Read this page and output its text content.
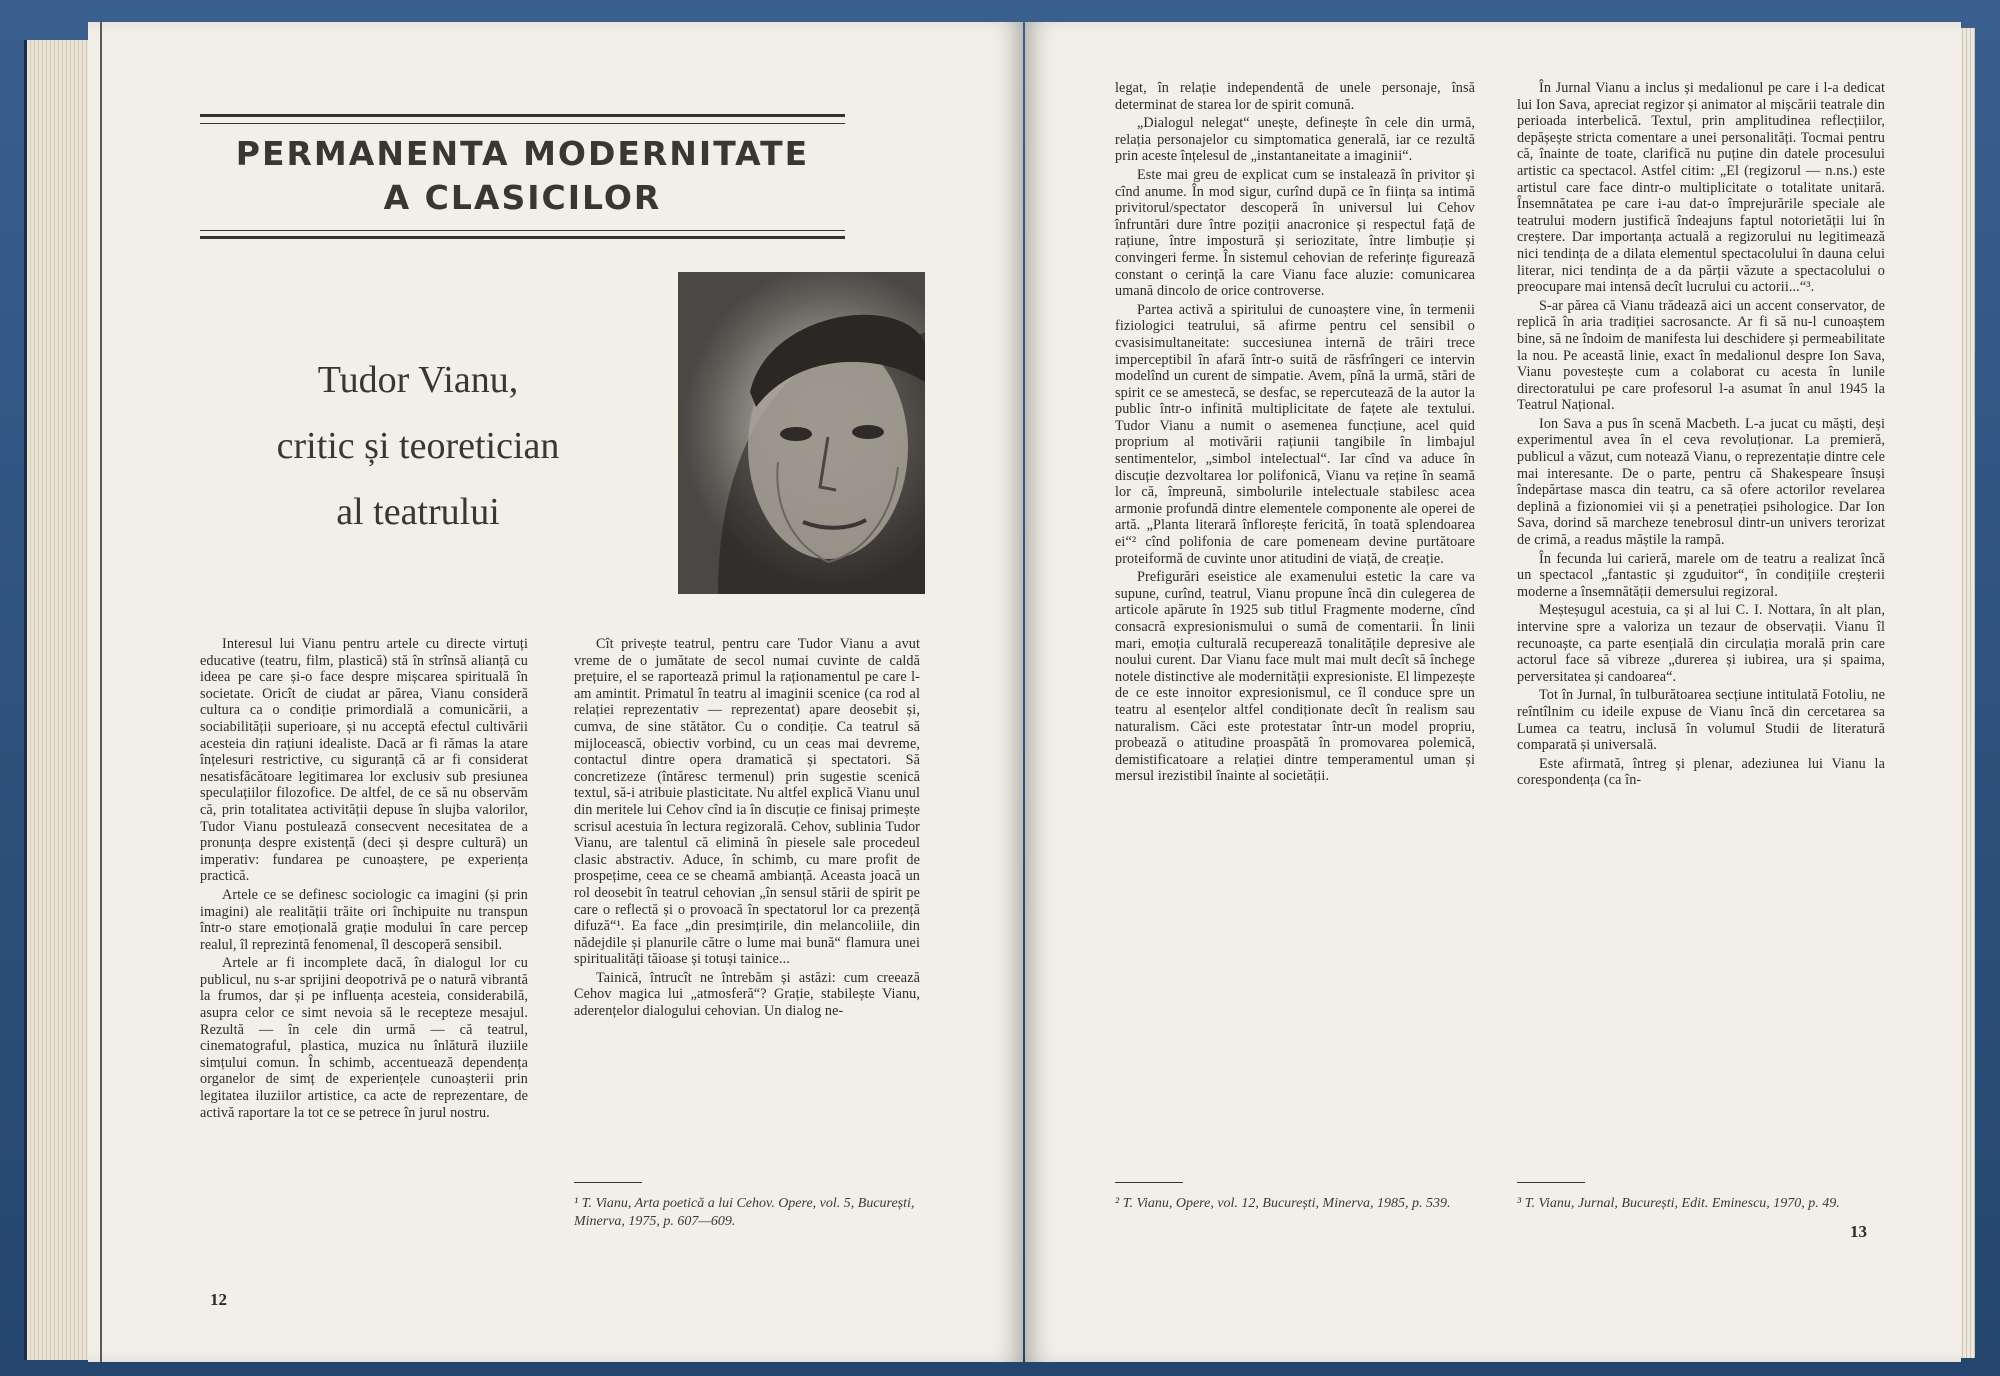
PERMANENTA MODERNITATE
A CLASICILOR
Tudor Vianu,
critic și teoretician
al teatrului

Interesul lui Vianu pentru artele cu directe virtuți educative (teatru, film, plastică) stă în strînsă alianță cu ideea pe care și-o face despre mișcarea spirituală în societate. Oricît de ciudat ar părea, Vianu consideră cultura ca o condiție primordială a comunicării, a sociabilității superioare, și nu acceptă efectul cultivării acesteia din rațiuni idealiste. Dacă ar fi rămas la atare înțelesuri restrictive, cu siguranță că ar fi considerat nesatisfăcătoare legitimarea lor exclusiv sub presiunea speculațiilor filozofice. De altfel, de ce să nu observăm că, prin totalitatea activității depuse în slujba valorilor, Tudor Vianu postulează consecvent necesitatea de a pronunța despre existență (deci și despre cultură) un imperativ: fundarea pe cunoaștere, pe experiența practică.

Artele ce se definesc sociologic ca imagini (și prin imagini) ale realității trăite ori închipuite nu transpun într-o stare emoțională grație modului în care percep realul, îl reprezintă fenomenal, îl descoperă sensibil.

Artele ar fi incomplete dacă, în dialogul lor cu publicul, nu s-ar sprijini deopotrivă pe o natură vibrantă la frumos, dar și pe influența acesteia, considerabilă, asupra celor ce simt nevoia să le recepteze mesajul. Rezultă — în cele din urmă — că teatrul, cinematograful, plastica, muzica nu înlătură iluziile simțului comun. În schimb, accentuează dependența organelor de simț de experiențele cunoașterii prin legitatea iluziilor artistice, ca acte de reprezentare, de activă raportare la tot ce se petrece în jurul nostru.

Cît privește teatrul, pentru care Tudor Vianu a avut vreme de o jumătate de secol numai cuvinte de caldă prețuire, el se raportează primul la raționamentul pe care l-am amintit. Primatul în teatru al imaginii scenice (ca rod al relației reprezentativ — reprezentat) apare deosebit și, cumva, de sine stătător. Cu o condiție. Ca teatrul să mijlocească, obiectiv vorbind, cu un ceas mai devreme, contactul dintre opera dramatică și spectatori. Să concretizeze (întăresc termenul) prin sugestie scenică textul, să-i atribuie plasticitate. Nu altfel explică Vianu unul din meritele lui Cehov cînd ia în discuție ce finisaj primește scrisul acestuia în lectura regizorală. Cehov, sublinia Tudor Vianu, are talentul că elimină în piesele sale procedeul clasic abstractiv. Aduce, în schimb, cu mare profit de prospețime, ceea ce se cheamă ambianță. Aceasta joacă un rol deosebit în teatrul cehovian „în sensul stării de spirit pe care o reflectă și o provoacă în spectatorul lor ca prezență difuză“¹. Ea face „din presimțirile, din melancoliile, din nădejdile și planurile către o lume mai bună“ flamura unei spiritualități tăioase și totuși tainice...

Tainică, întrucît ne întrebăm și astăzi: cum creează Cehov magica lui „atmosferă“? Grație, stabilește Vianu, aderențelor dialogului cehovian. Un dialog ne-

¹ T. Vianu, Arta poetică a lui Cehov. Opere, vol. 5, București, Minerva, 1975, p. 607—609.
12

legat, în relație independentă de unele personaje, însă determinat de starea lor de spirit comună.

„Dialogul nelegat“ unește, definește în cele din urmă, relația personajelor cu simptomatica generală, iar ce rezultă prin aceste înțelesul de „instantaneitate a imaginii“.

Este mai greu de explicat cum se instalează în privitor și cînd anume. În mod sigur, curînd după ce în ființa sa intimă privitorul/spectator descoperă în universul lui Cehov înfruntări dure între poziții anacronice și respectul față de rațiune, între impostură și seriozitate, între limbuție și convingeri ferme. În sistemul cehovian de referințe figurează constant o cerință la care Vianu face aluzie: comunicarea umană dincolo de orice controverse.

Partea activă a spiritului de cunoaștere vine, în termenii fiziologici teatrului, să afirme pentru cel sensibil o cvasisimultaneitate: succesiunea internă de trăiri trece imperceptibil în afară într-o suită de răsfrîngeri ce intervin modelînd un curent de simpatie. Avem, pînă la urmă, stări de spirit ce se amestecă, se desfac, se repercutează de la autor la public într-o infinită multiplicitate de fațete ale textului. Tudor Vianu a numit o asemenea funcțiune, acel quid proprium al motivării rațiunii tangibile în limbajul sentimentelor, „simbol intelectual“. Iar cînd va aduce în discuție dezvoltarea lor polifonică, Vianu va reține în seamă lor că, împreună, simbolurile intelectuale stabilesc acea armonie profundă dintre elementele componente ale operei de artă. „Planta literară înflorește fericită, în toată splendoarea ei“² cînd polifonia de care pomeneam devine purtătoare proteiformă de cuvinte unor atitudini de viață, de creație.

Prefigurări eseistice ale examenului estetic la care va supune, curînd, teatrul, Vianu propune încă din culegerea de articole apărute în 1925 sub titlul Fragmente moderne, cînd consacră expresionismului o sumă de comentarii. În linii mari, emoția culturală recuperează tonalitățile depresive ale noului curent. Dar Vianu face mult mai mult decît să închege notele distinctive ale modernității expresioniste. El limpezește de ce este innoitor expresionismul, ce îl conduce spre un teatru al esențelor altfel condiționate decît în realism sau naturalism. Căci este protestatar într-un model propriu, probează o atitudine proaspătă în promovarea polemică, demistificatoare a relației dintre temperamentul uman și mersul irezistibil înainte al societății.

² T. Vianu, Opere, vol. 12, București, Minerva, 1985, p. 539.

În Jurnal Vianu a inclus și medalionul pe care i l-a dedicat lui Ion Sava, apreciat regizor și animator al mișcării teatrale din perioada interbelică. Textul, prin amplitudinea reflecțiilor, depășește stricta comentare a unei personalități. Tocmai pentru că, înainte de toate, clarifică nu puține din datele procesului artistic ca spectacol. Astfel citim: „El (regizorul — n.ns.) este artistul care face dintr-o multiplicitate o totalitate unitară. Însemnătatea pe care i-au dat-o împrejurările speciale ale teatrului modern justifică îndeajuns faptul notorietății lui în creștere. Dar importanța actuală a regizorului nu legitimează nici tendința de a dilata elementul spectacolului în dauna celui literar, nici tendința de a da părții văzute a spectacolului o preocupare mai intensă decît lucrului cu actorii...“³.

S-ar părea că Vianu trădează aici un accent conservator, de replică în aria tradiției sacrosancte. Ar fi să nu-l cunoaștem bine, să ne îndoim de manifesta lui deschidere și permeabilitate la nou. Pe această linie, exact în medalionul despre Ion Sava, Vianu povestește cum a colaborat cu acesta în lunile directoratului pe care profesorul l-a asumat în anul 1945 la Teatrul Național.

Ion Sava a pus în scenă Macbeth. L-a jucat cu măști, deși experimentul avea în el ceva revoluționar. La premieră, publicul a văzut, cum notează Vianu, o reprezentație dintre cele mai interesante. De o parte, pentru că Shakespeare însuși îndepărtase masca din teatru, ca să ofere actorilor revelarea deplină a fizionomiei vii și a penetrației psihologice. Dar Ion Sava, dorind să marcheze tenebrosul dintr-un univers terorizat de crimă, a readus măștile la rampă.

În fecunda lui carieră, marele om de teatru a realizat încă un spectacol „fantastic și zguduitor“, în condițiile creșterii moderne a însemnătății demersului regizoral.

Meșteșugul acestuia, ca și al lui C. I. Nottara, în alt plan, intervine spre a valoriza un tezaur de observații. Vianu îl recunoaște, ca parte esențială din circulația morală prin care actorul face să vibreze „durerea și iubirea, ura și spaima, perversitatea și candoarea“.

Tot în Jurnal, în tulburătoarea secțiune intitulată Fotoliu, ne reîntîlnim cu ideile expuse de Vianu încă din cercetarea sa Lumea ca teatru, inclusă în volumul Studii de literatură comparată și universală.

Este afirmată, întreg și plenar, adeziunea lui Vianu la corespondența (ca în-

³ T. Vianu, Jurnal, București, Edit. Eminescu, 1970, p. 49.
13
